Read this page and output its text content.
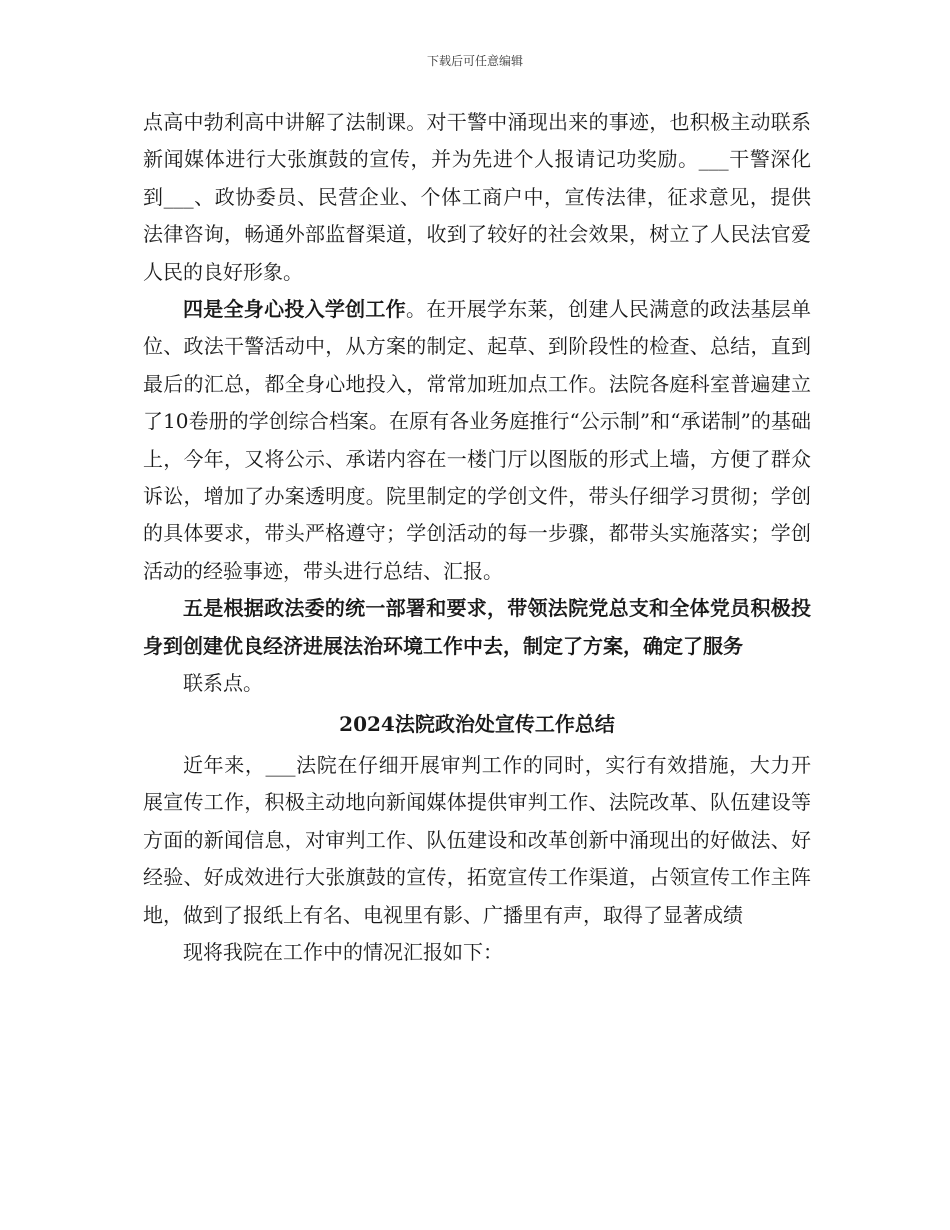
下载后可任意编辑

点高中勃利高中讲解了法制课。对干警中涌现出来的事迹，也积极主动联系新闻媒体进行大张旗鼓的宣传，并为先进个人报请记功奖励。___干警深化到___、政协委员、民营企业、个体工商户中，宣传法律，征求意见，提供法律咨询，畅通外部监督渠道，收到了较好的社会效果，树立了人民法官爱人民的良好形象。

四是全身心投入学创工作。在开展学东莱，创建人民满意的政法基层单位、政法干警活动中，从方案的制定、起草、到阶段性的检查、总结，直到最后的汇总，都全身心地投入，常常加班加点工作。法院各庭科室普遍建立了10卷册的学创综合档案。在原有各业务庭推行“公示制”和“承诺制”的基础上，今年，又将公示、承诺内容在一楼门厅以图版的形式上墙，方便了群众诉讼，增加了办案透明度。院里制定的学创文件，带头仔细学习贯彻；学创的具体要求，带头严格遵守；学创活动的每一步骤，都带头实施落实；学创活动的经验事迹，带头进行总结、汇报。

五是根据政法委的统一部署和要求，带领法院党总支和全体党员积极投身到创建优良经济进展法治环境工作中去，制定了方案，确定了服务

联系点。

2024法院政治处宣传工作总结

近年来，___法院在仔细开展审判工作的同时，实行有效措施，大力开展宣传工作，积极主动地向新闻媒体提供审判工作、法院改革、队伍建设等方面的新闻信息，对审判工作、队伍建设和改革创新中涌现出的好做法、好经验、好成效进行大张旗鼓的宣传，拓宽宣传工作渠道，占领宣传工作主阵地，做到了报纸上有名、电视里有影、广播里有声，取得了显著成绩

现将我院在工作中的情况汇报如下：
